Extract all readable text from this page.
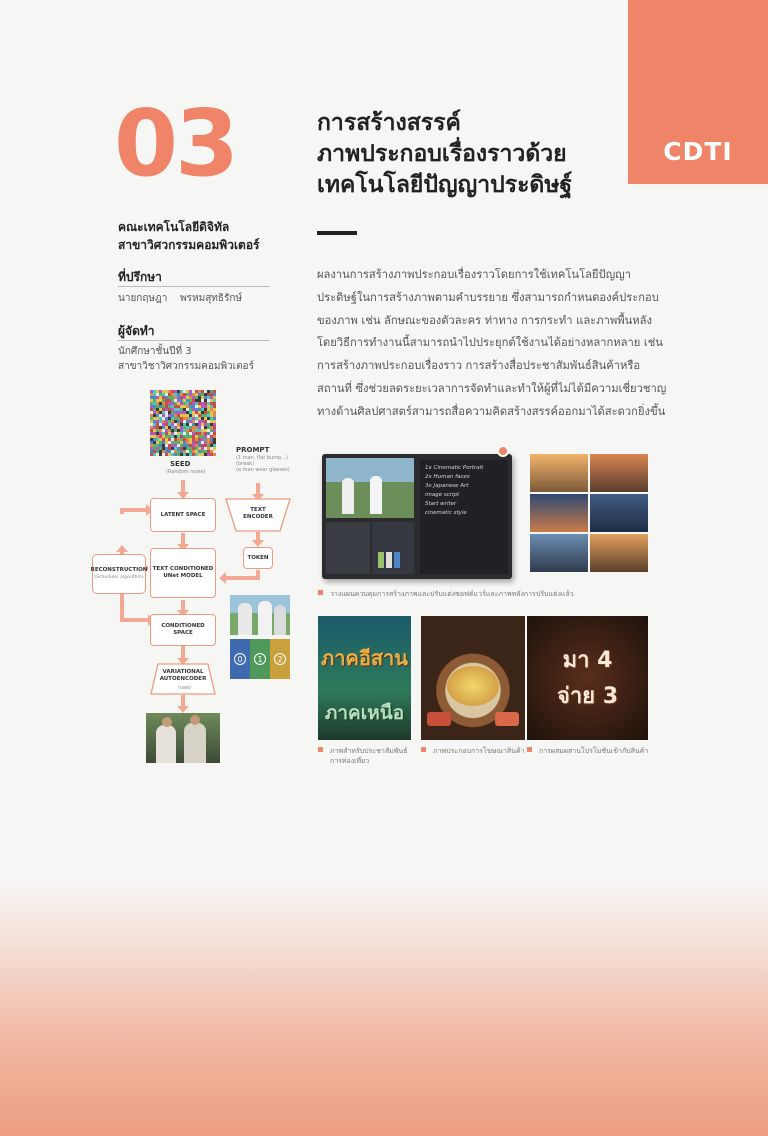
CDTI
03
คณะเทคโนโลยีดิจิทัล
สาขาวิศวกรรมคอมพิวเตอร์
ที่ปรึกษา
นายกฤษฎา    พรหมสุทธิรักษ์
ผู้จัดทำ
นักศึกษาชั้นปีที่ 3
สาขาวิชาวิศวกรรมคอมพิวเตอร์
การสร้างสรรค์
ภาพประกอบเรื่องราวด้วย
เทคโนโลยีปัญญาประดิษฐ์
ผลงานการสร้างภาพประกอบเรื่องราวโดยการใช้เทคโนโลยีปัญญาประดิษฐ์ในการสร้างภาพตามคำบรรยาย ซึ่งสามารถกำหนดองค์ประกอบของภาพ เช่น ลักษณะของตัวละคร ท่าทาง การกระทำ และภาพพื้นหลัง โดยวิธีการทำงานนี้สามารถนำไปประยุกต์ใช้งานได้อย่างหลากหลาย เช่น การสร้างภาพประกอบเรื่องราว การสร้างสื่อประชาสัมพันธ์สินค้าหรือสถานที่ ซึ่งช่วยลดระยะเวลาการจัดทำและทำให้ผู้ที่ไม่ได้มีความเชี่ยวชาญทางด้านศิลปศาสตร์สามารถสื่อความคิดสร้างสรรค์ออกมาได้สะดวกยิ่งขึ้น
SEED
(Random noise)
PROMPT
(1 man, flat bump...)
(break)
(a man wear glasses)
LATENT SPACE
TEXT ENCODER
TEXT CONDITIONED UNet MODEL
TOKEN
RECONSTRUCTION
(Scheduler algorithm)
CONDITIONED SPACE
VARIATIONAL AUTOENCODER
(vae)
0	1	2
1x Cinematic Portrait
2x Human faces
3x Japanese Art
image script
Start writer
cinematic style
วางแผนควบคุมการสร้างภาพและปรับแต่งซอฟต์แวร์และภาพหลังการปรับแต่งแล้ว
ภาคอีสาน
ภาคเหนือ
มา 4
จ่าย 3
ภาพสำหรับประชาสัมพันธ์
การท่องเที่ยว
ภาพประกอบการโฆษณาสินค้า	การผสมผสานโปรโมชันเข้ากับสินค้า
